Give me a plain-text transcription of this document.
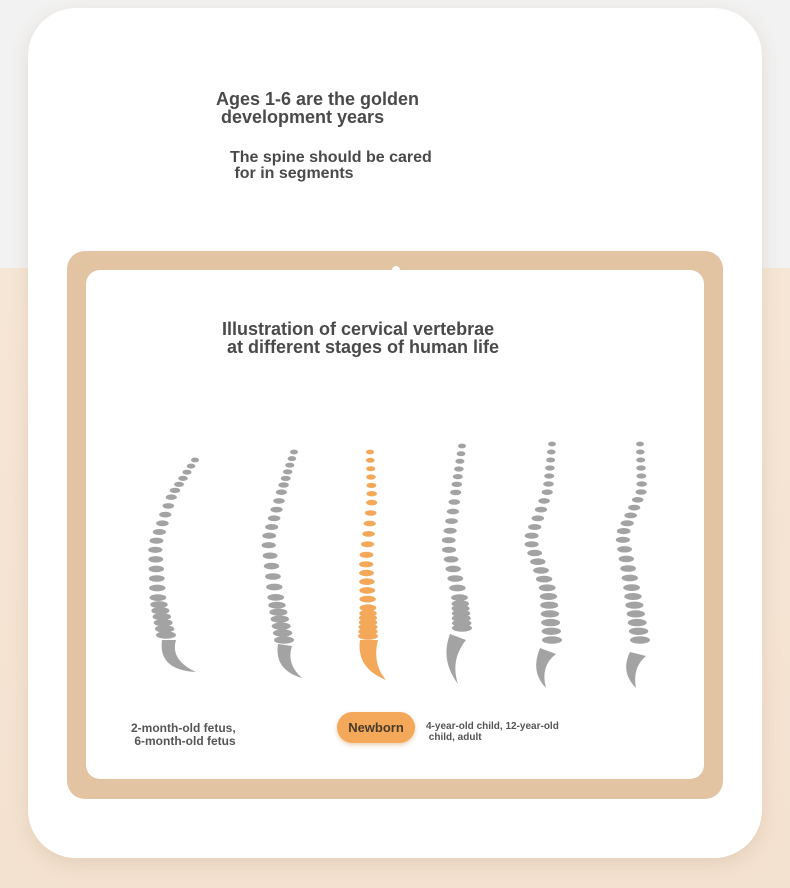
Ages 1-6 are the golden
development years
The spine should be cared
for in segments
Illustration of cervical vertebrae
at different stages of human life
2-month-old fetus,
6-month-old fetus
Newborn	4-year-old child, 12-year-old
child, adult
